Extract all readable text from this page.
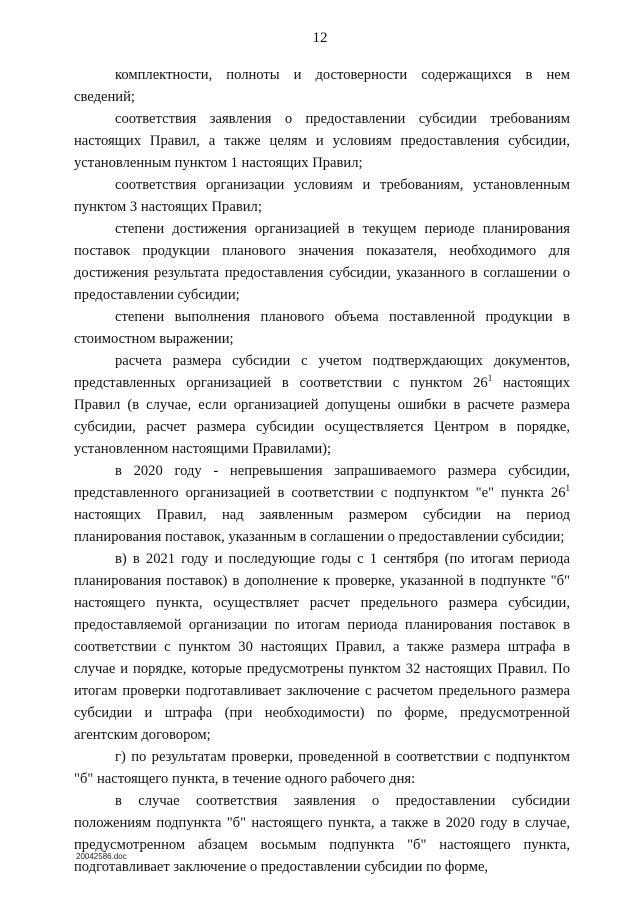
12

комплектности, полноты и достоверности содержащихся в нем сведений;

соответствия заявления о предоставлении субсидии требованиям настоящих Правил, а также целям и условиям предоставления субсидии, установленным пунктом 1 настоящих Правил;

соответствия организации условиям и требованиям, установленным пунктом 3 настоящих Правил;

степени достижения организацией в текущем периоде планирования поставок продукции планового значения показателя, необходимого для достижения результата предоставления субсидии, указанного в соглашении о предоставлении субсидии;

степени выполнения планового объема поставленной продукции в стоимостном выражении;

расчета размера субсидии с учетом подтверждающих документов, представленных организацией в соответствии с пунктом $26^1$ настоящих Правил (в случае, если организацией допущены ошибки в расчете размера субсидии, расчет размера субсидии осуществляется Центром в порядке, установленном настоящими Правилами);

в 2020 году - непревышения запрашиваемого размера субсидии, представленного организацией в соответствии с подпунктом "е" пункта $26^1$ настоящих Правил, над заявленным размером субсидии на период планирования поставок, указанным в соглашении о предоставлении субсидии;

в) в 2021 году и последующие годы с 1 сентября (по итогам периода планирования поставок) в дополнение к проверке, указанной в подпункте "б" настоящего пункта, осуществляет расчет предельного размера субсидии, предоставляемой организации по итогам периода планирования поставок в соответствии с пунктом 30 настоящих Правил, а также размера штрафа в случае и порядке, которые предусмотрены пунктом 32 настоящих Правил. По итогам проверки подготавливает заключение с расчетом предельного размера субсидии и штрафа (при необходимости) по форме, предусмотренной агентским договором;

г) по результатам проверки, проведенной в соответствии с подпунктом "б" настоящего пункта, в течение одного рабочего дня:

в случае соответствия заявления о предоставлении субсидии положениям подпункта "б" настоящего пункта, а также в 2020 году в случае, предусмотренном абзацем восьмым подпункта "б" настоящего пункта, подготавливает заключение о предоставлении субсидии по форме,

20042586.doc
